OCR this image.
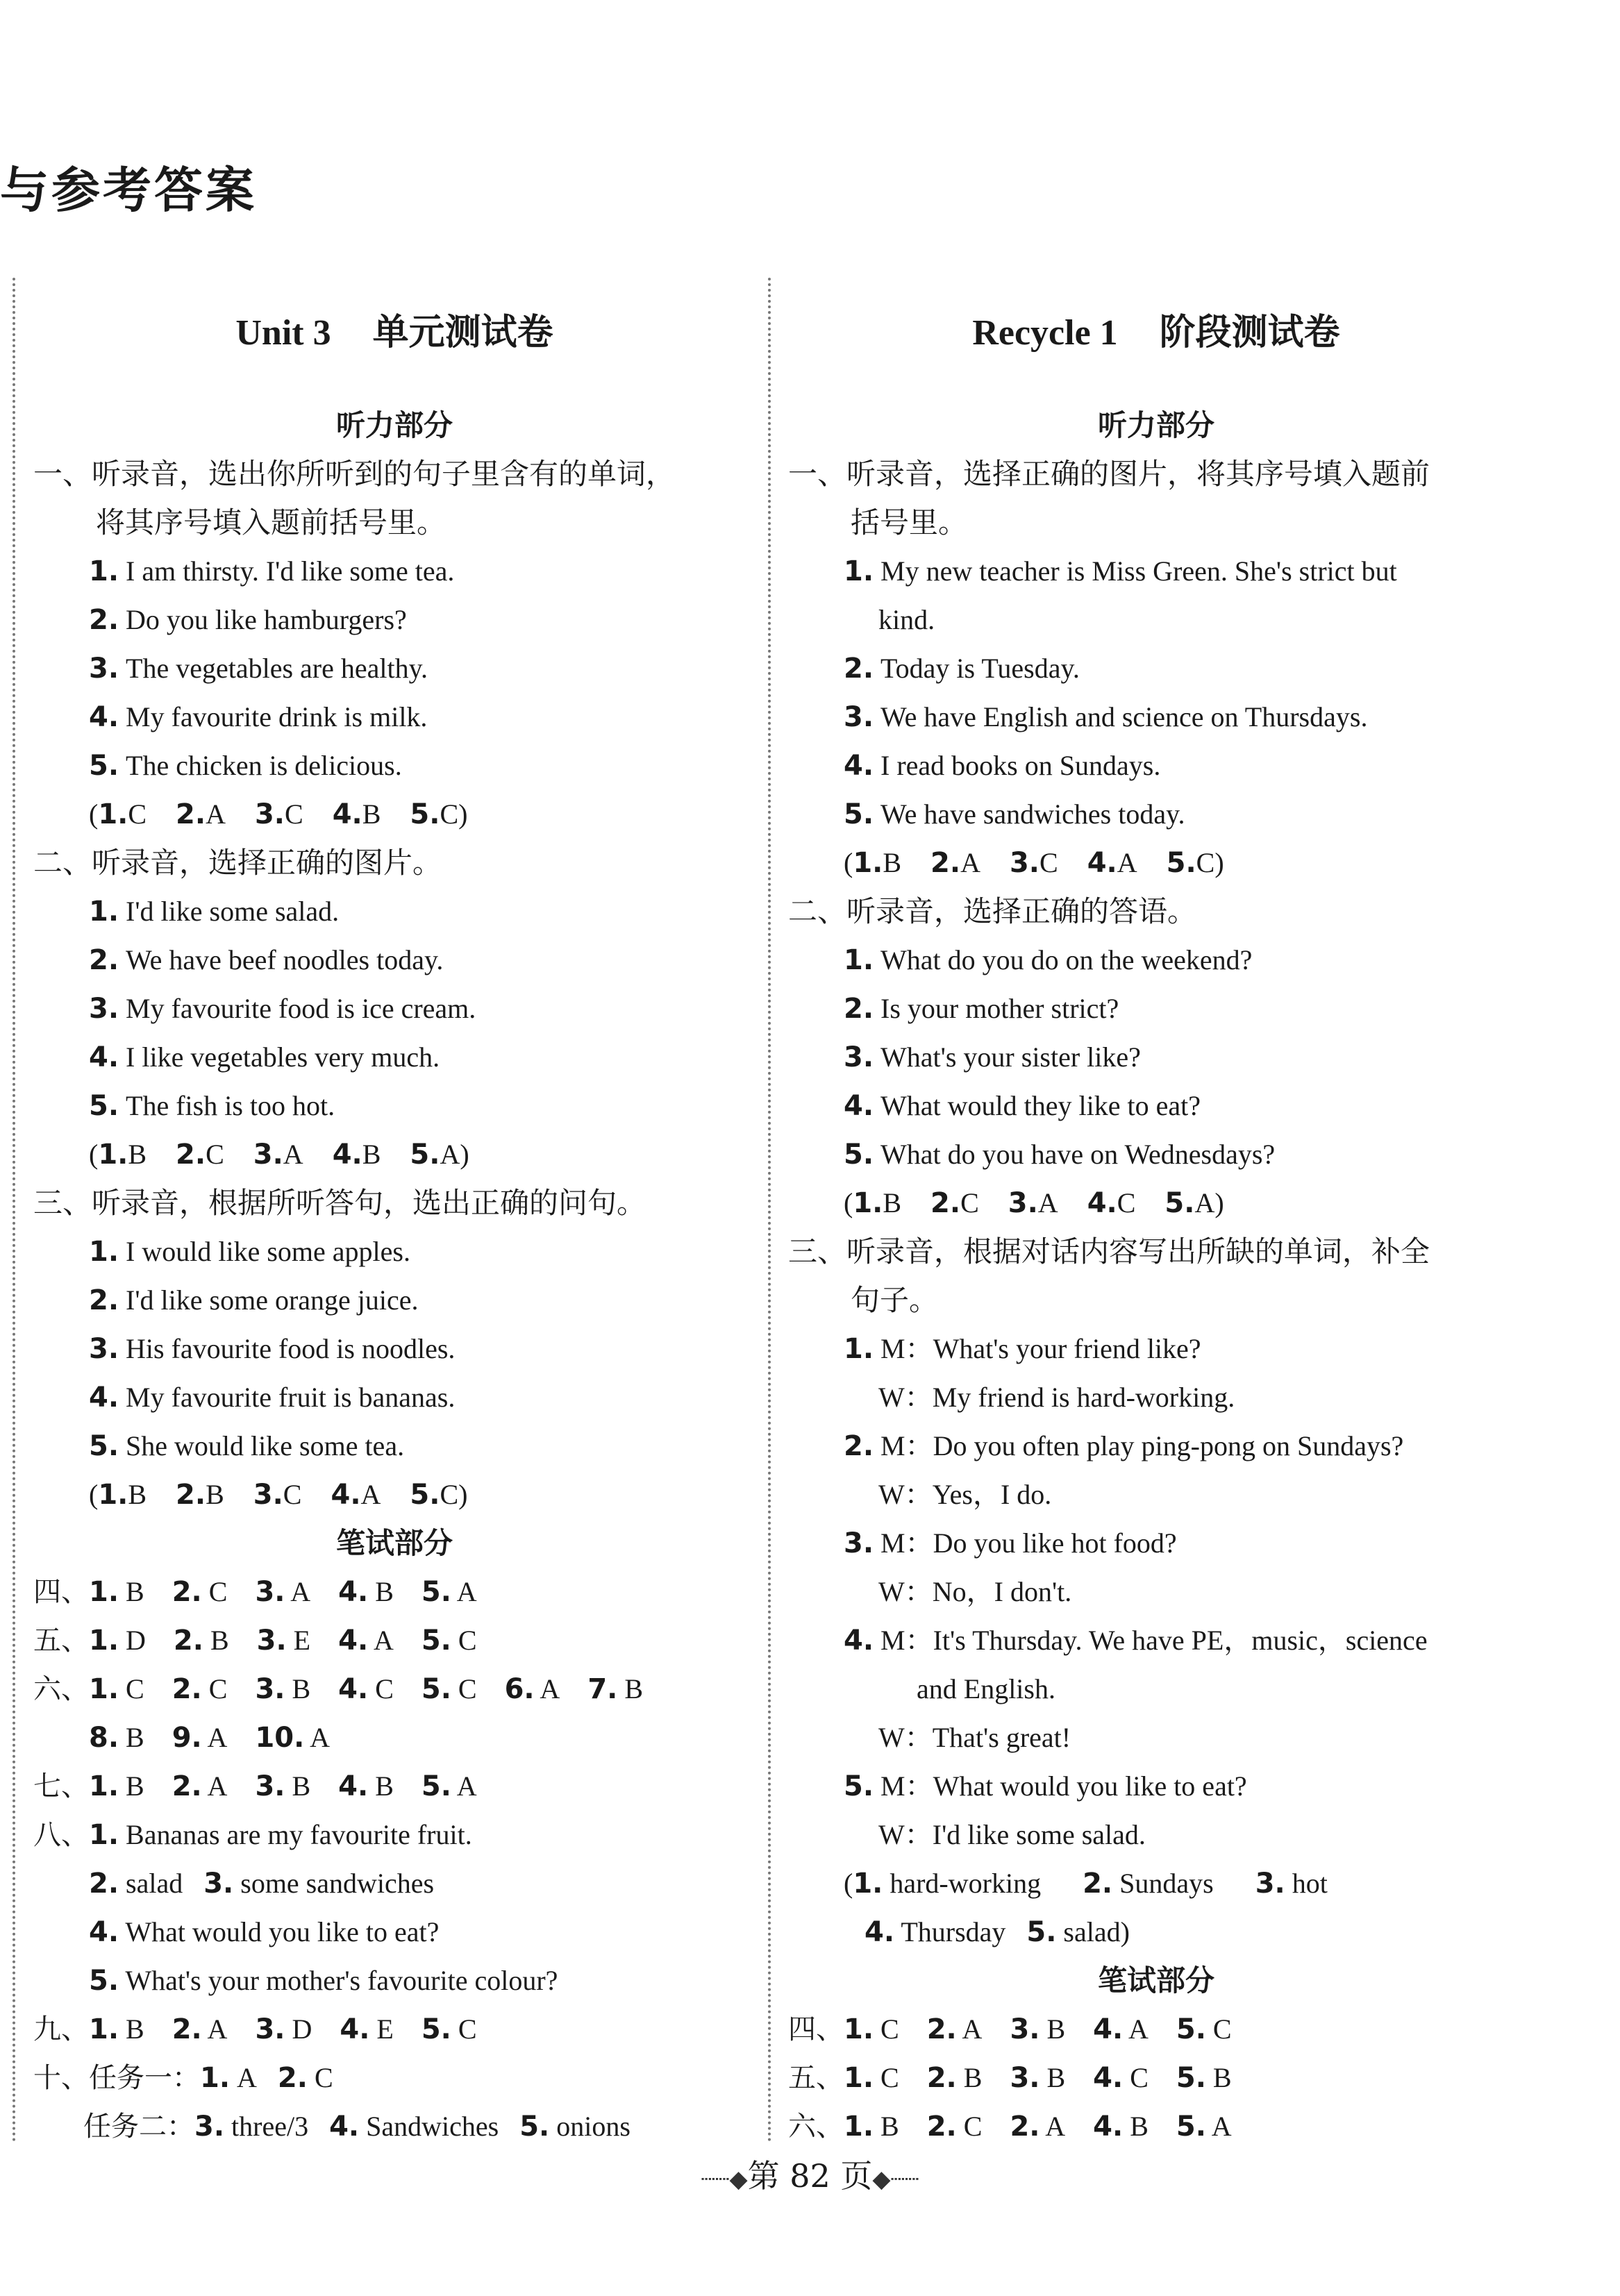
与参考答案
Unit 3 单元测试卷
听力部分
一、听录音，选出你所听到的句子里含有的单词，
将其序号填入题前括号里。
1. I am thirsty. I'd like some tea.
2. Do you like hamburgers?
3. The vegetables are healthy.
4. My favourite drink is milk.
5. The chicken is delicious.
(1.C 2.A 3.C 4.B 5.C)
二、听录音，选择正确的图片。
1. I'd like some salad.
2. We have beef noodles today.
3. My favourite food is ice cream.
4. I like vegetables very much.
5. The fish is too hot.
(1.B 2.C 3.A 4.B 5.A)
三、听录音，根据所听答句，选出正确的问句。
1. I would like some apples.
2. I'd like some orange juice.
3. His favourite food is noodles.
4. My favourite fruit is bananas.
5. She would like some tea.
(1.B 2.B 3.C 4.A 5.C)
笔试部分
四、1. B 2. C 3. A 4. B 5. A
五、1. D 2. B 3. E 4. A 5. C
六、1. C 2. C 3. B 4. C 5. C 6. A 7. B
8. B 9. A 10. A
七、1. B 2. A 3. B 4. B 5. A
八、1. Bananas are my favourite fruit.
2. salad 3. some sandwiches
4. What would you like to eat?
5. What's your mother's favourite colour?
九、1. B 2. A 3. D 4. E 5. C
十、任务一：1. A 2. C
任务二：3. three/3 4. Sandwiches 5. onions
Recycle 1 阶段测试卷
听力部分
一、听录音，选择正确的图片，将其序号填入题前
括号里。
1. My new teacher is Miss Green. She's strict but
kind.
2. Today is Tuesday.
3. We have English and science on Thursdays.
4. I read books on Sundays.
5. We have sandwiches today.
(1.B 2.A 3.C 4.A 5.C)
二、听录音，选择正确的答语。
1. What do you do on the weekend?
2. Is your mother strict?
3. What's your sister like?
4. What would they like to eat?
5. What do you have on Wednesdays?
(1.B 2.C 3.A 4.C 5.A)
三、听录音，根据对话内容写出所缺的单词，补全
句子。
1. M：What's your friend like?
W：My friend is hard-working.
2. M：Do you often play ping-pong on Sundays?
W：Yes，I do.
3. M：Do you like hot food?
W：No，I don't.
4. M：It's Thursday. We have PE，music，science
and English.
W：That's great!
5. M：What would you like to eat?
W：I'd like some salad.
(1. hard-working 2. Sundays 3. hot
4. Thursday 5. salad)
笔试部分
四、1. C 2. A 3. B 4. A 5. C
五、1. C 2. B 3. B 4. C 5. B
六、1. B 2. C 2. A 4. B 5. A
┈┈◆第 82 页◆┈┈
